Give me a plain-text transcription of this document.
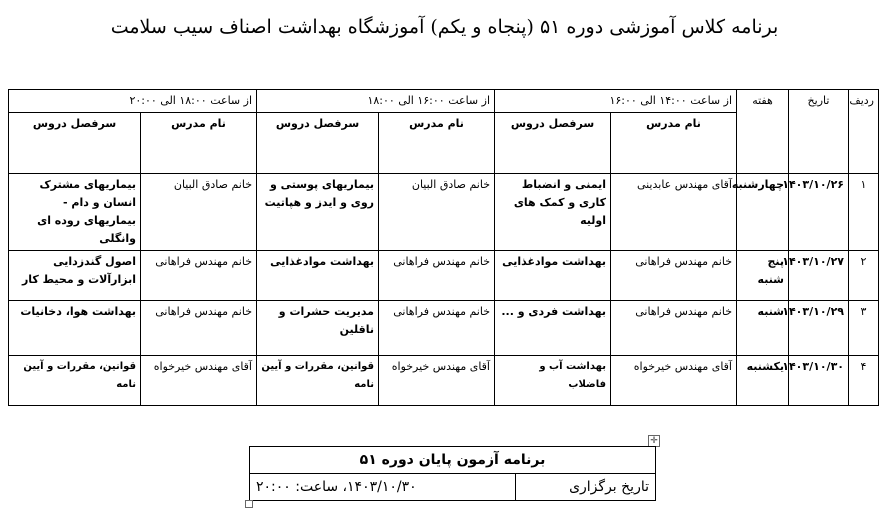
برنامه کلاس آموزشی دوره ۵۱ (پنجاه و یکم) آموزشگاه بهداشت اصناف سیب سلامت
ردیف	تاریخ	هفته	از ساعت ۱۴:۰۰ الی ۱۶:۰۰		از ساعت ۱۶:۰۰ الی ۱۸:۰۰		از ساعت ۱۸:۰۰ الی ۲۰:۰۰	
			نام مدرس	سرفصل دروس	نام مدرس	سرفصل دروس	نام مدرس	سرفصل دروس
۱	۱۴۰۳/۱۰/۲۶	چهارشنبه	آقای مهندس عابدینی	ایمنی و انضباط کاری و کمک های اولیه	خانم صادق البیان	بیماریهای پوستی و روی و ایدز و هپاتیت	خانم صادق البیان	بیماریهای مشترک انسان و دام - بیماریهای روده ای وانگلی
۲	۱۴۰۳/۱۰/۲۷	پنج شنبه	خانم مهندس فراهانی	بهداشت موادغذایی	خانم مهندس فراهانی	بهداشت موادغذایی	خانم مهندس فراهانی	اصول گندزدایی ابزارآلات و محیط کار
۳	۱۴۰۳/۱۰/۲۹	شنبه	خانم مهندس فراهانی	بهداشت فردی و ...	خانم مهندس فراهانی	مدیریت حشرات و ناقلین	خانم مهندس فراهانی	بهداشت هوا، دخانیات
۴	۱۴۰۳/۱۰/۳۰	یکشنبه	آقای مهندس خیرخواه	بهداشت آب و فاضلاب	آقای مهندس خیرخواه	قوانین، مقررات و آیین نامه	آقای مهندس خیرخواه	قوانین، مقررات و آیین نامه
✛
برنامه آزمون پایان دوره ۵۱
تاریخ برگزاری	۱۴۰۳/۱۰/۳۰، ساعت: ۲۰:۰۰
